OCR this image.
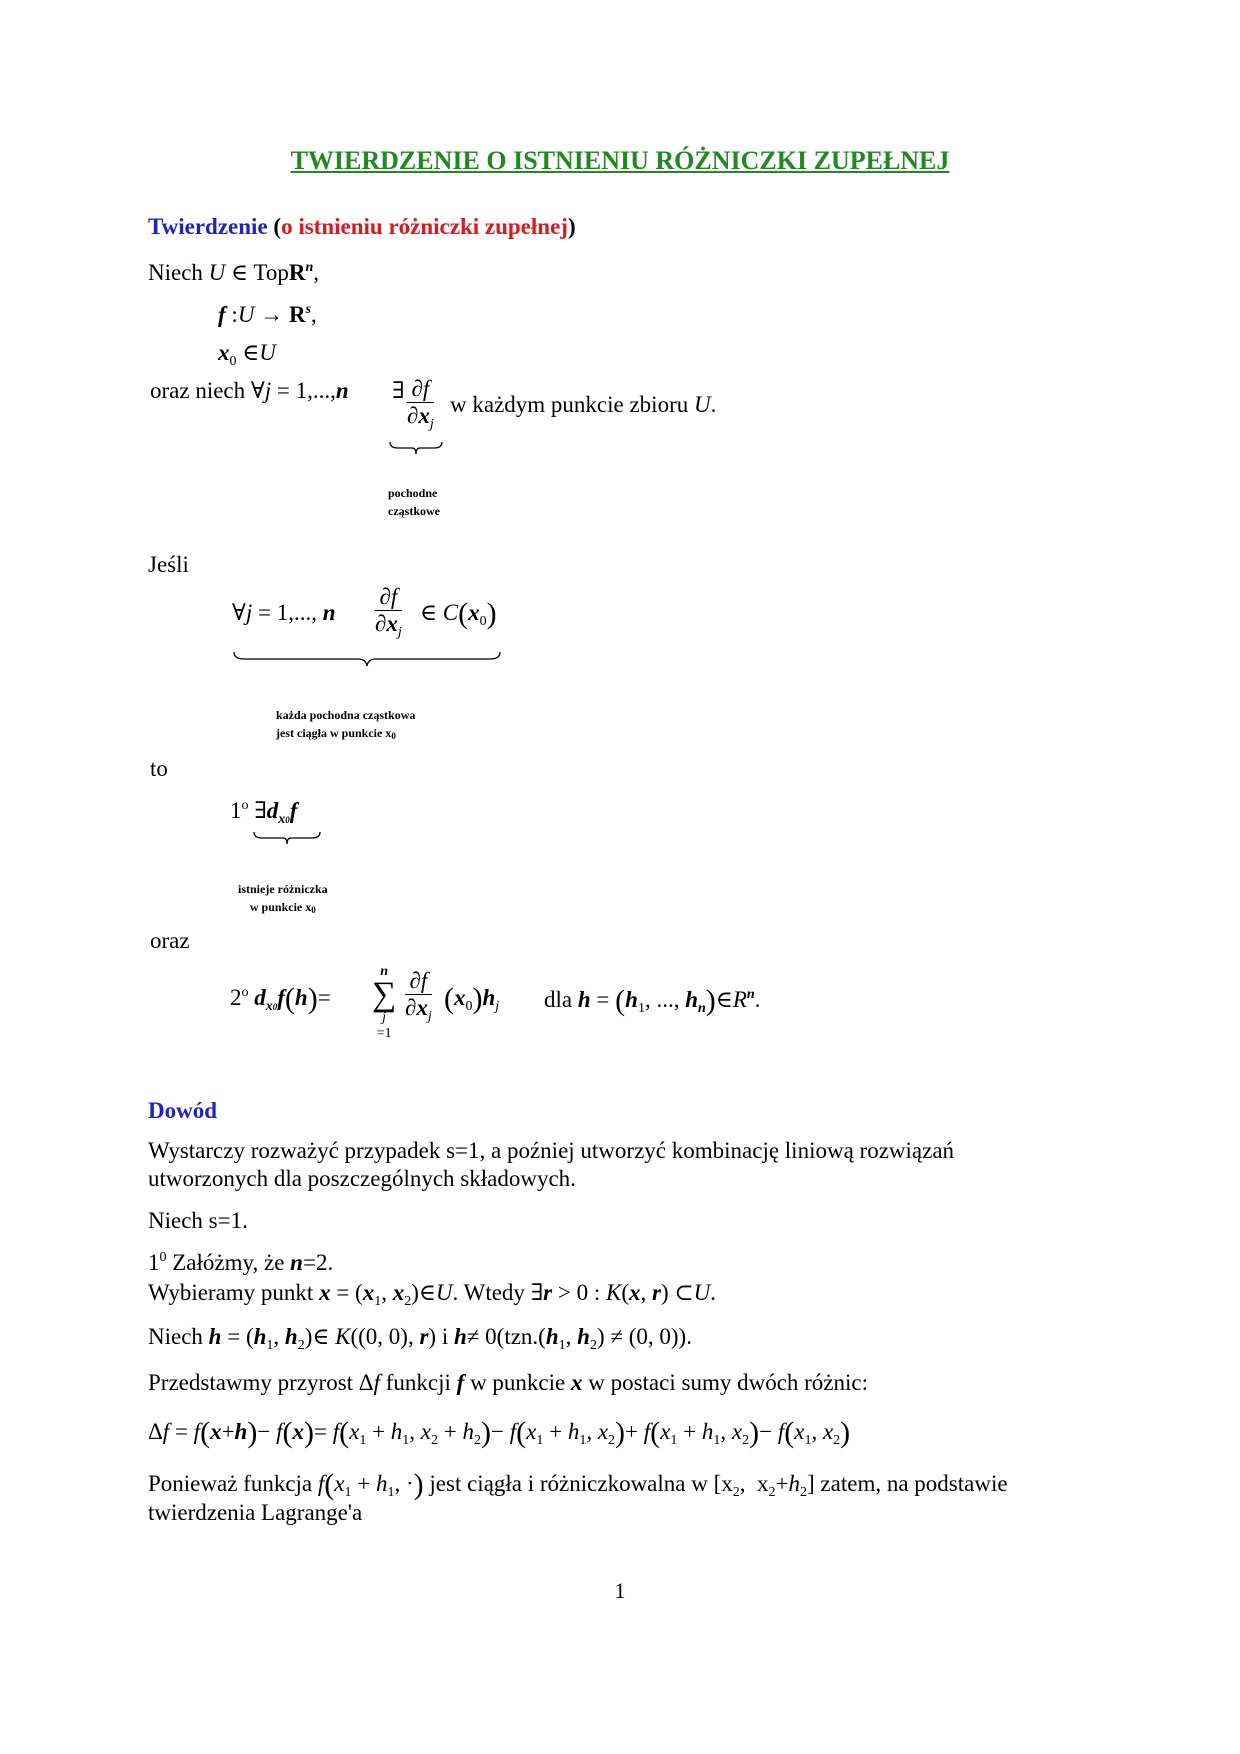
TWIERDZENIE O ISTNIENIU RÓŻNICZKI ZUPEŁNEJ
Twierdzenie (o istnieniu różniczki zupełnej)
Niech U ∈ TopR$^n$,
f :U → $R^s$,
$x_0$ ∈U
oraz niech ∀j = 1,...,n ∃ $\frac{\partial f}{\partial x_j}$ w każdym punkcie zbioru U.
pochodne
cząstkowe
Jeśli
∀j = 1,..., n $\frac{\partial f}{\partial x_j}$ ∈ $C(x_0)$
każda pochodna cząstkowa
jest ciągła w punkcie x0
to
1$^o$ $\exists d_{x0}f$
istnieje różniczka
w punkcie x0
oraz
2$^o$ $d_{x0}f(h)=$
n
∑
j
=1
$\frac{\partial f}{\partial x_j} (x_0)h_j$ dla $h = (h_1$, ..., $h_n)\in R^n$.
Dowód
Wystarczy rozważyć przypadek s=1, a poźniej utworzyć kombinację liniową rozwiązań
utworzonych dla poszczególnych składowych.
Niech s=1.
$1^0$ Załóżmy, że n=2.
Wybieramy punkt $x = (x_1$, $x_2)\in U$. Wtedy ∃r > 0 : K(x, r) ⊂U.
Niech $h = (h_1$, $h_2)\in$ K((0, 0), r) i $h\ne 0(tzn.(h_1$, $h_2) \ne (0$, 0)).
Przedstawmy przyrost Δf funkcji f w punkcie x w postaci sumy dwóch różnic:
$\Delta f = f(x+h)- f(x)= f(x_1 + h_1$, $x_2 + h_2)- f(x_1 + h_1$, $x_2)+ f(x_1 + h_1$, $x_2)- f(x_1$, $x_2$)
Ponieważ funkcja $f(x_1 + h_1$, ·) jest ciągła i różniczkowalna w [$x_2$,  $x_2+h_2$] zatem, na podstawie
twierdzenia Lagrange'a
1
